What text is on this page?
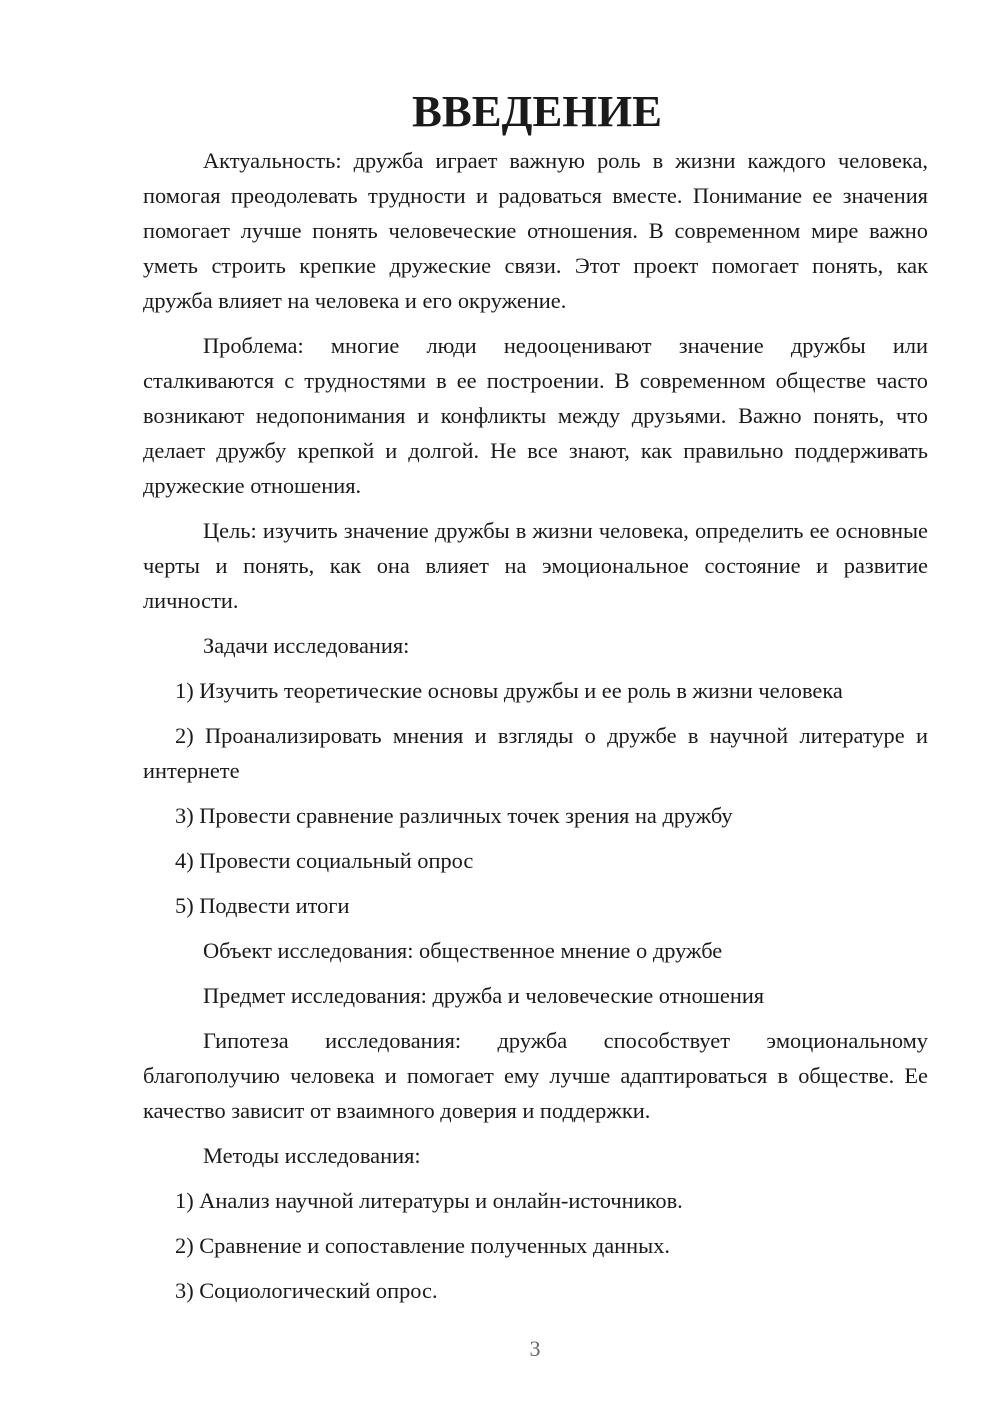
ВВЕДЕНИЕ

Актуальность: дружба играет важную роль в жизни каждого человека, помогая преодолевать трудности и радоваться вместе. Понимание ее значения помогает лучше понять человеческие отношения. В современном мире важно уметь строить крепкие дружеские связи. Этот проект помогает понять, как дружба влияет на человека и его окружение.

Проблема: многие люди недооценивают значение дружбы или сталкиваются с трудностями в ее построении. В современном обществе часто возникают недопонимания и конфликты между друзьями. Важно понять, что делает дружбу крепкой и долгой. Не все знают, как правильно поддерживать дружеские отношения.

Цель: изучить значение дружбы в жизни человека, определить ее основные черты и понять, как она влияет на эмоциональное состояние и развитие личности.

Задачи исследования:

1) Изучить теоретические основы дружбы и ее роль в жизни человека

2) Проанализировать мнения и взгляды о дружбе в научной литературе и интернете

3) Провести сравнение различных точек зрения на дружбу

4) Провести социальный опрос

5) Подвести итоги

Объект исследования: общественное мнение о дружбе

Предмет исследования: дружба и человеческие отношения

Гипотеза исследования: дружба способствует эмоциональному благополучию человека и помогает ему лучше адаптироваться в обществе. Ее качество зависит от взаимного доверия и поддержки.

Методы исследования:

1) Анализ научной литературы и онлайн-источников.

2) Сравнение и сопоставление полученных данных.

3) Социологический опрос.

3
